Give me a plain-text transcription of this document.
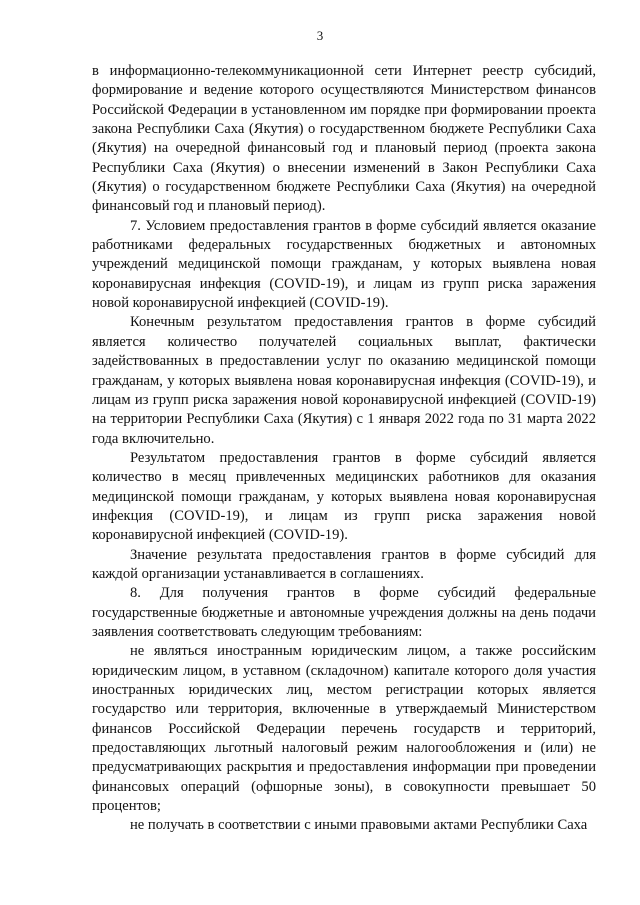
3

в информационно-телекоммуникационной сети Интернет реестр субсидий, формирование и ведение которого осуществляются Министерством финансов Российской Федерации в установленном им порядке при формировании проекта закона Республики Саха (Якутия) о государственном бюджете Республики Саха (Якутия) на очередной финансовый год и плановый период (проекта закона Республики Саха (Якутия) о внесении изменений в Закон Республики Саха (Якутия) о государственном бюджете Республики Саха (Якутия) на очередной финансовый год и плановый период).

7. Условием предоставления грантов в форме субсидий является оказание работниками федеральных государственных бюджетных и автономных учреждений медицинской помощи гражданам, у которых выявлена новая коронавирусная инфекция (COVID-19), и лицам из групп риска заражения новой коронавирусной инфекцией (COVID-19).

Конечным результатом предоставления грантов в форме субсидий является количество получателей социальных выплат, фактически задействованных в предоставлении услуг по оказанию медицинской помощи гражданам, у которых выявлена новая коронавирусная инфекция (COVID-19), и лицам из групп риска заражения новой коронавирусной инфекцией (COVID-19) на территории Республики Саха (Якутия) с 1 января 2022 года по 31 марта 2022 года включительно.

Результатом предоставления грантов в форме субсидий является количество в месяц привлеченных медицинских работников для оказания медицинской помощи гражданам, у которых выявлена новая коронавирусная инфекция (COVID-19), и лицам из групп риска заражения новой коронавирусной инфекцией (COVID-19).

Значение результата предоставления грантов в форме субсидий для каждой организации устанавливается в соглашениях.

8. Для получения грантов в форме субсидий федеральные государственные бюджетные и автономные учреждения должны на день подачи заявления соответствовать следующим требованиям:

не являться иностранным юридическим лицом, а также российским юридическим лицом, в уставном (складочном) капитале которого доля участия иностранных юридических лиц, местом регистрации которых является государство или территория, включенные в утверждаемый Министерством финансов Российской Федерации перечень государств и территорий, предоставляющих льготный налоговый режим налогообложения и (или) не предусматривающих раскрытия и предоставления информации при проведении финансовых операций (офшорные зоны), в совокупности превышает 50 процентов;

не получать в соответствии с иными правовыми актами Республики Саха
